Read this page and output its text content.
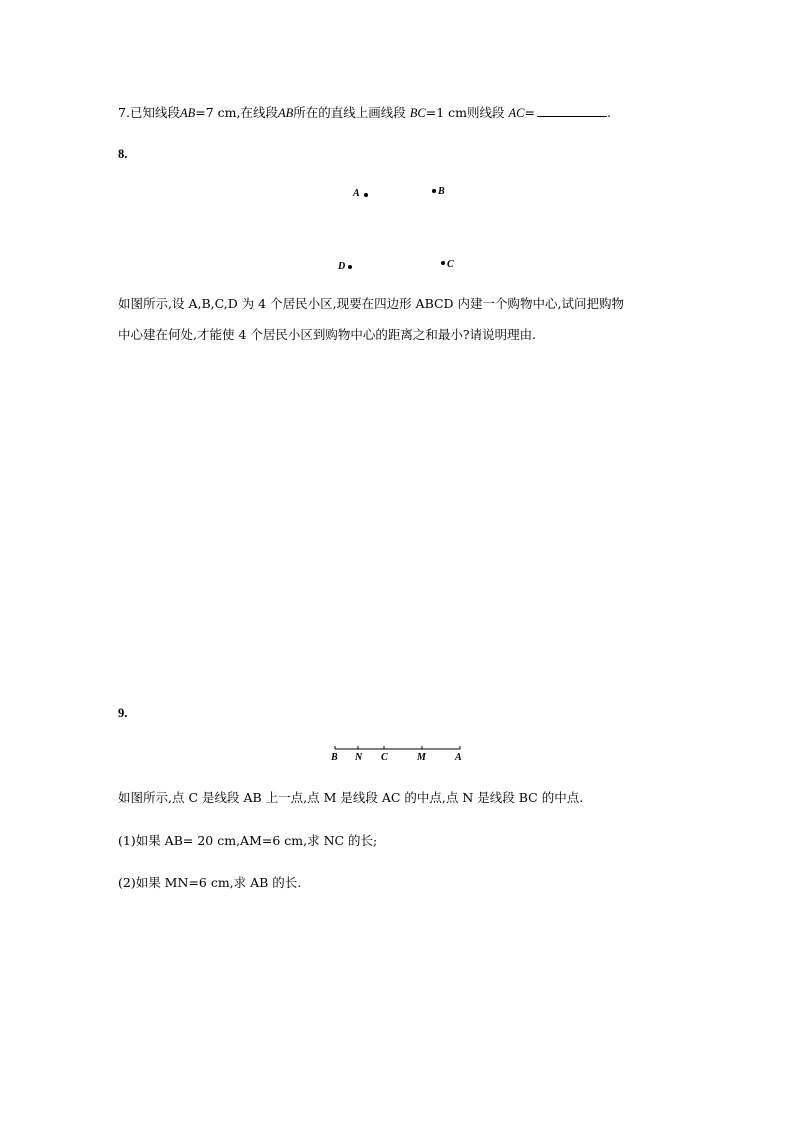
7.已知线段AB=7 cm,在线段AB所在的直线上画线段 BC=1 cm则线段 AC=	.
8.
A	B
D	C
如图所示,设 A,B,C,D 为 4 个居民小区,现要在四边形 ABCD 内建一个购物中心,试问把购物
中心建在何处,才能使 4 个居民小区到购物中心的距离之和最小?请说明理由.
9.
B N C	M	A
如图所示,点 C 是线段 AB 上一点,点 M 是线段 AC 的中点,点 N 是线段 BC 的中点.
(1)如果 AB= 20 cm,AM=6 cm,求 NC 的长;
(2)如果 MN=6 cm,求 AB 的长.
